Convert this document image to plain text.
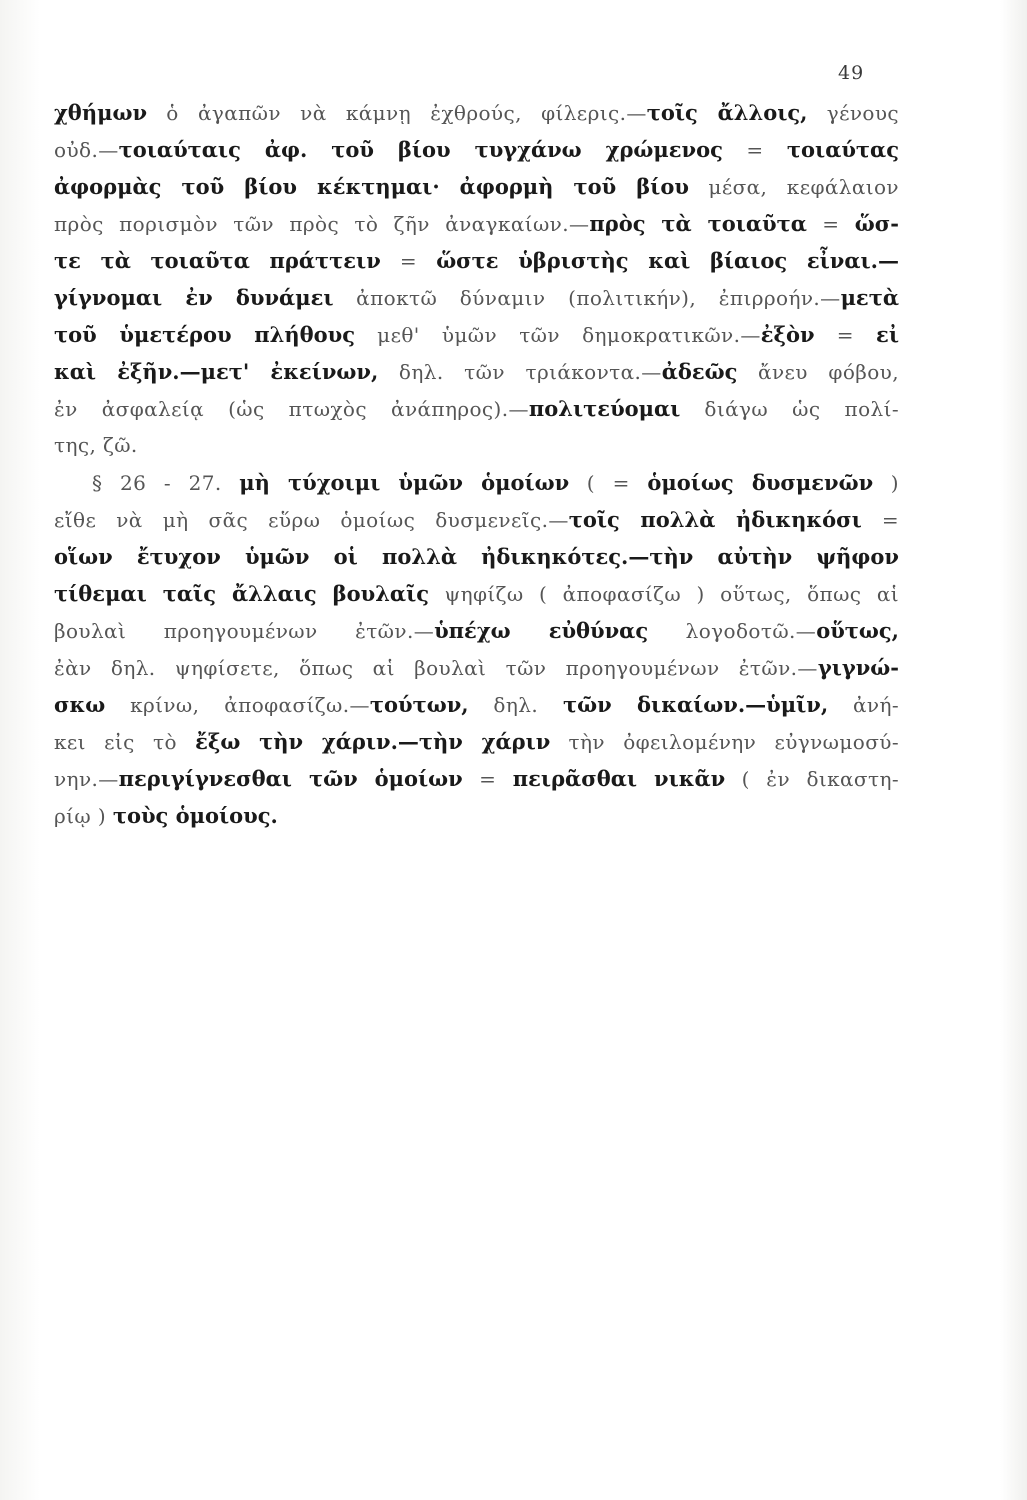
49
χθήμων ὁ ἀγαπῶν νὰ κάμνῃ ἐχθρούς, φίλερις.—τοῖς ἄλλοις, γένους
οὐδ.—τοιαύταις ἀφ. τοῦ βίου τυγχάνω χρώμενος = τοιαύτας
ἀφορμὰς τοῦ βίου κέκτημαι· ἀφορμὴ τοῦ βίου μέσα, κεφάλαιον
πρὸς πορισμὸν τῶν πρὸς τὸ ζῆν ἀναγκαίων.—πρὸς τὰ τοιαῦτα = ὥσ-
τε τὰ τοιαῦτα πράττειν = ὥστε ὑβριστὴς καὶ βίαιος εἶναι.—
γίγνομαι ἐν δυνάμει ἀποκτῶ δύναμιν (πολιτικήν), ἐπιρροήν.—μετὰ
τοῦ ὑμετέρου πλήθους μεθ' ὑμῶν τῶν δημοκρατικῶν.—ἐξὸν = εἰ
καὶ ἐξῆν.—μετ' ἐκείνων, δηλ. τῶν τριάκοντα.—ἀδεῶς ἄνευ φόβου,
ἐν ἀσφαλείᾳ (ὡς πτωχὸς ἀνάπηρος).—πολιτεύομαι διάγω ὡς πολί-
της, ζῶ.
§ 26 - 27. μὴ τύχοιμι ὑμῶν ὁμοίων ( = ὁμοίως δυσμενῶν )
εἴθε νὰ μὴ σᾶς εὕρω ὁμοίως δυσμενεῖς.—τοῖς πολλὰ ἠδικηκόσι =
οἵων ἔτυχον ὑμῶν οἱ πολλὰ ἠδικηκότες.—τὴν αὐτὴν ψῆφον
τίθεμαι ταῖς ἄλλαις βουλαῖς ψηφίζω ( ἀποφασίζω ) οὕτως, ὅπως αἱ
βουλαὶ προηγουμένων ἐτῶν.—ὑπέχω εὐθύνας λογοδοτῶ.—οὕτως,
ἐὰν δηλ. ψηφίσετε, ὅπως αἱ βουλαὶ τῶν προηγουμένων ἐτῶν.—γιγνώ-
σκω κρίνω, ἀποφασίζω.—τούτων, δηλ. τῶν δικαίων.—ὑμῖν, ἀνή-
κει εἰς τὸ ἔξω τὴν χάριν.—τὴν χάριν τὴν ὀφειλομένην εὐγνωμοσύ-
νην.—περιγίγνεσθαι τῶν ὁμοίων = πειρᾶσθαι νικᾶν ( ἐν δικαστη-
ρίῳ ) τοὺς ὁμοίους.
